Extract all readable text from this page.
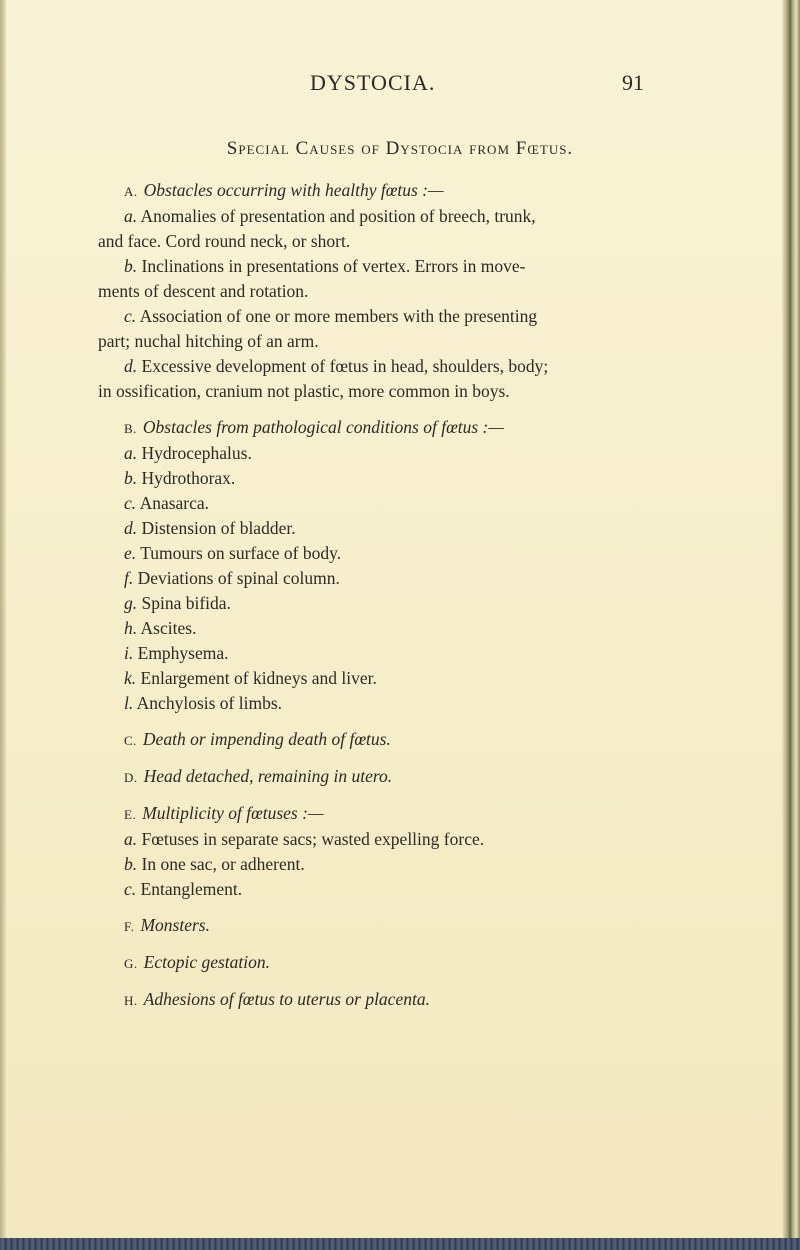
DYSTOCIA.	91
Special Causes of Dystocia from Fœtus.
A. Obstacles occurring with healthy fœtus :—
a. Anomalies of presentation and position of breech, trunk,
and face. Cord round neck, or short.
b. Inclinations in presentations of vertex. Errors in move-
ments of descent and rotation.
c. Association of one or more members with the presenting
part; nuchal hitching of an arm.
d. Excessive development of fœtus in head, shoulders, body;
in ossification, cranium not plastic, more common in boys.
B. Obstacles from pathological conditions of fœtus :—
a. Hydrocephalus.
b. Hydrothorax.
c. Anasarca.
d. Distension of bladder.
e. Tumours on surface of body.
f. Deviations of spinal column.
g. Spina bifida.
h. Ascites.
i. Emphysema.
k. Enlargement of kidneys and liver.
l. Anchylosis of limbs.
C. Death or impending death of fœtus.
D. Head detached, remaining in utero.
E. Multiplicity of fœtuses :—
a. Fœtuses in separate sacs; wasted expelling force.
b. In one sac, or adherent.
c. Entanglement.
F. Monsters.
G. Ectopic gestation.
H. Adhesions of fœtus to uterus or placenta.
